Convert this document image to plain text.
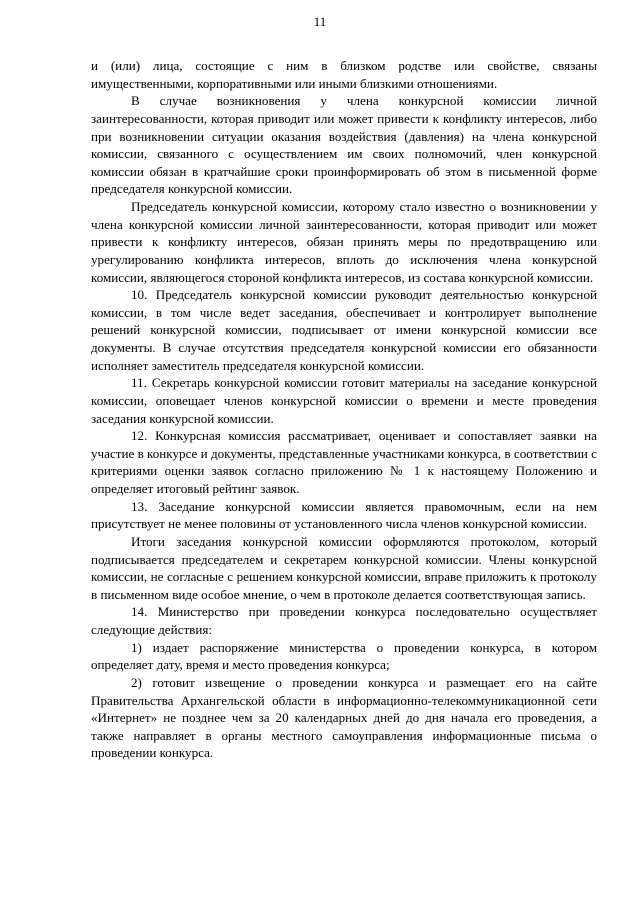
11

и (или) лица, состоящие с ним в близком родстве или свойстве, связаны имущественными, корпоративными или иными близкими отношениями.

В случае возникновения у члена конкурсной комиссии личной заинтересованности, которая приводит или может привести к конфликту интересов, либо при возникновении ситуации оказания воздействия (давления) на члена конкурсной комиссии, связанного с осуществлением им своих полномочий, член конкурсной комиссии обязан в кратчайшие сроки проинформировать об этом в письменной форме председателя конкурсной комиссии.

Председатель конкурсной комиссии, которому стало известно о возникновении у члена конкурсной комиссии личной заинтересованности, которая приводит или может привести к конфликту интересов, обязан принять меры по предотвращению или урегулированию конфликта интересов, вплоть до исключения члена конкурсной комиссии, являющегося стороной конфликта интересов, из состава конкурсной комиссии.

10. Председатель конкурсной комиссии руководит деятельностью конкурсной комиссии, в том числе ведет заседания, обеспечивает и контролирует выполнение решений конкурсной комиссии, подписывает от имени конкурсной комиссии все документы. В случае отсутствия председателя конкурсной комиссии его обязанности исполняет заместитель председателя конкурсной комиссии.

11. Секретарь конкурсной комиссии готовит материалы на заседание конкурсной комиссии, оповещает членов конкурсной комиссии о времени и месте проведения заседания конкурсной комиссии.

12. Конкурсная комиссия рассматривает, оценивает и сопоставляет заявки на участие в конкурсе и документы, представленные участниками конкурса, в соответствии с критериями оценки заявок согласно приложению № 1 к настоящему Положению и определяет итоговый рейтинг заявок.

13. Заседание конкурсной комиссии является правомочным, если на нем присутствует не менее половины от установленного числа членов конкурсной комиссии.

Итоги заседания конкурсной комиссии оформляются протоколом, который подписывается председателем и секретарем конкурсной комиссии. Члены конкурсной комиссии, не согласные с решением конкурсной комиссии, вправе приложить к протоколу в письменном виде особое мнение, о чем в протоколе делается соответствующая запись.

14. Министерство при проведении конкурса последовательно осуществляет следующие действия:

1) издает распоряжение министерства о проведении конкурса, в котором определяет дату, время и место проведения конкурса;

2) готовит извещение о проведении конкурса и размещает его на сайте Правительства Архангельской области в информационно-телекоммуникационной сети «Интернет» не позднее чем за 20 календарных дней до дня начала его проведения, а также направляет в органы местного самоуправления информационные письма о проведении конкурса.
